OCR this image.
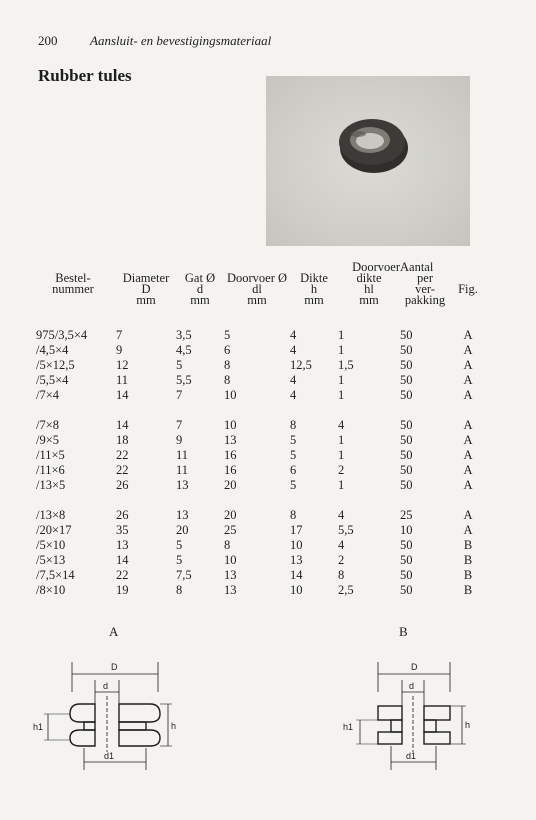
200	Aansluit- en bevestigingsmateriaal
Rubber tules
					Doorvoer	Aantal	
Bestel-	Diameter	Gat Ø	Doorvoer Ø	Dikte	dikte	per	
nummer	D	d	dl	h	hl	ver-	Fig.
	mm	mm	mm	mm	mm	pakking	

975/3,5×4	7	3,5	5	4	1	50	A
/4,5×4	9	4,5	6	4	1	50	A
/5×12,5	12	5	8	12,5	1,5	50	A
/5,5×4	11	5,5	8	4	1	50	A
/7×4	14	7	10	4	1	50	A

/7×8	14	7	10	8	4	50	A
/9×5	18	9	13	5	1	50	A
/11×5	22	11	16	5	1	50	A
/11×6	22	11	16	6	2	50	A
/13×5	26	13	20	5	1	50	A

/13×8	26	13	20	8	4	25	A
/20×17	35	20	25	17	5,5	10	A
/5×10	13	5	8	10	4	50	B
/5×13	14	5	10	13	2	50	B
/7,5×14	22	7,5	13	14	8	50	B
/8×10	19	8	13	10	2,5	50	B
A	B
D
d
h1	h
d1
D
d
h1	h
d1
